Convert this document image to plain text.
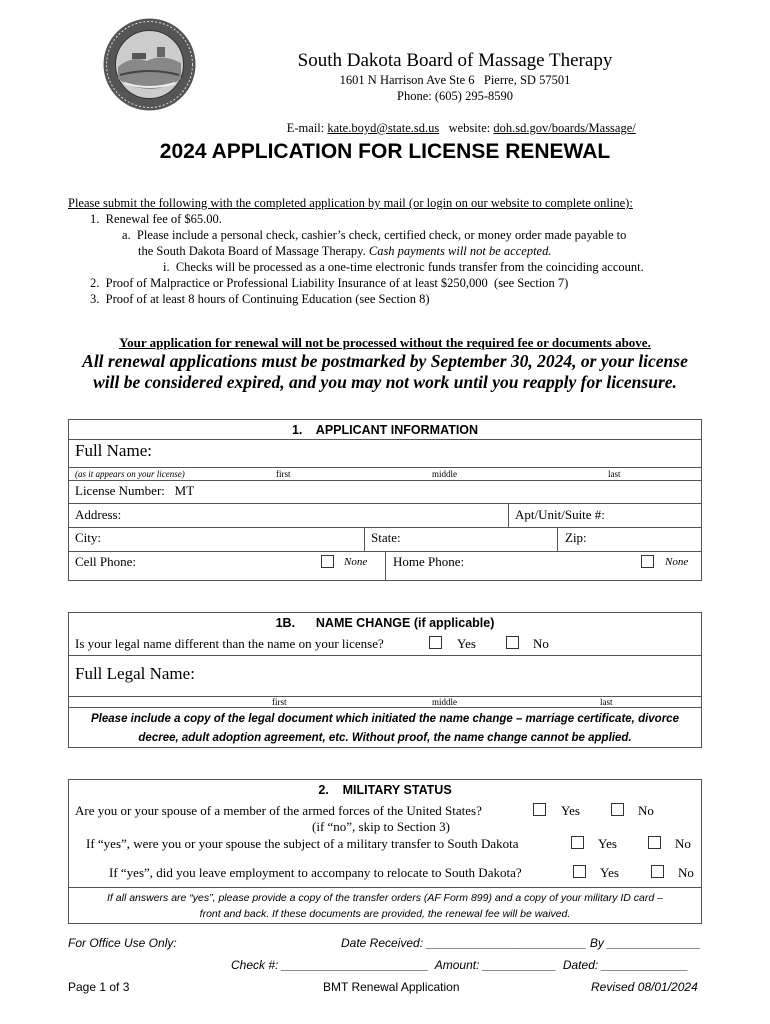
South Dakota Board of Massage Therapy
1601 N Harrison Ave Ste 6   Pierre, SD 57501
Phone: (605) 295-8590

E-mail: kate.boyd@state.sd.us   website: doh.sd.gov/boards/Massage/

2024 APPLICATION FOR LICENSE RENEWAL
Please submit the following with the completed application by mail (or login on our website to complete online):
1.  Renewal fee of $65.00.
a.  Please include a personal check, cashier’s check, certified check, or money order made payable to
the South Dakota Board of Massage Therapy. Cash payments will not be accepted.
i.  Checks will be processed as a one-time electronic funds transfer from the coinciding account.
2.  Proof of Malpractice or Professional Liability Insurance of at least $250,000  (see Section 7)
3.  Proof of at least 8 hours of Continuing Education (see Section 8)
Your application for renewal will not be processed without the required fee or documents above.
All renewal applications must be postmarked by September 30, 2024, or your license
will be considered expired, and you may not work until you reapply for licensure.
1.    APPLICANT INFORMATION
Full Name:
(as it appears on your license)	first	middle	last
License Number:   MT
Address:	Apt/Unit/Suite #:
City:	State:	Zip:
Cell Phone:	None Home Phone:	None
1B.      NAME CHANGE (if applicable)
Is your legal name different than the name on your license?	Yes	No
Full Legal Name:
first	middle	last
Please include a copy of the legal document which initiated the name change – marriage certificate, divorce
decree, adult adoption agreement, etc. Without proof, the name change cannot be applied.
2.    MILITARY STATUS
Are you or your spouse of a member of the armed forces of the United States?	Yes	No
(if “no”, skip to Section 3)
If “yes”, were you or your spouse the subject of a military transfer to South Dakota	Yes	No
If “yes”, did you leave employment to accompany to relocate to South Dakota?	Yes	No
If all answers are “yes”, please provide a copy of the transfer orders (AF Form 899) and a copy of your military ID card –
front and back. If these documents are provided, the renewal fee will be waived.
For Office Use Only:	Date Received: ________________________ By ______________
Check #: ______________________  Amount: ___________  Dated: _____________
Page 1 of 3	BMT Renewal Application	Revised 08/01/2024
